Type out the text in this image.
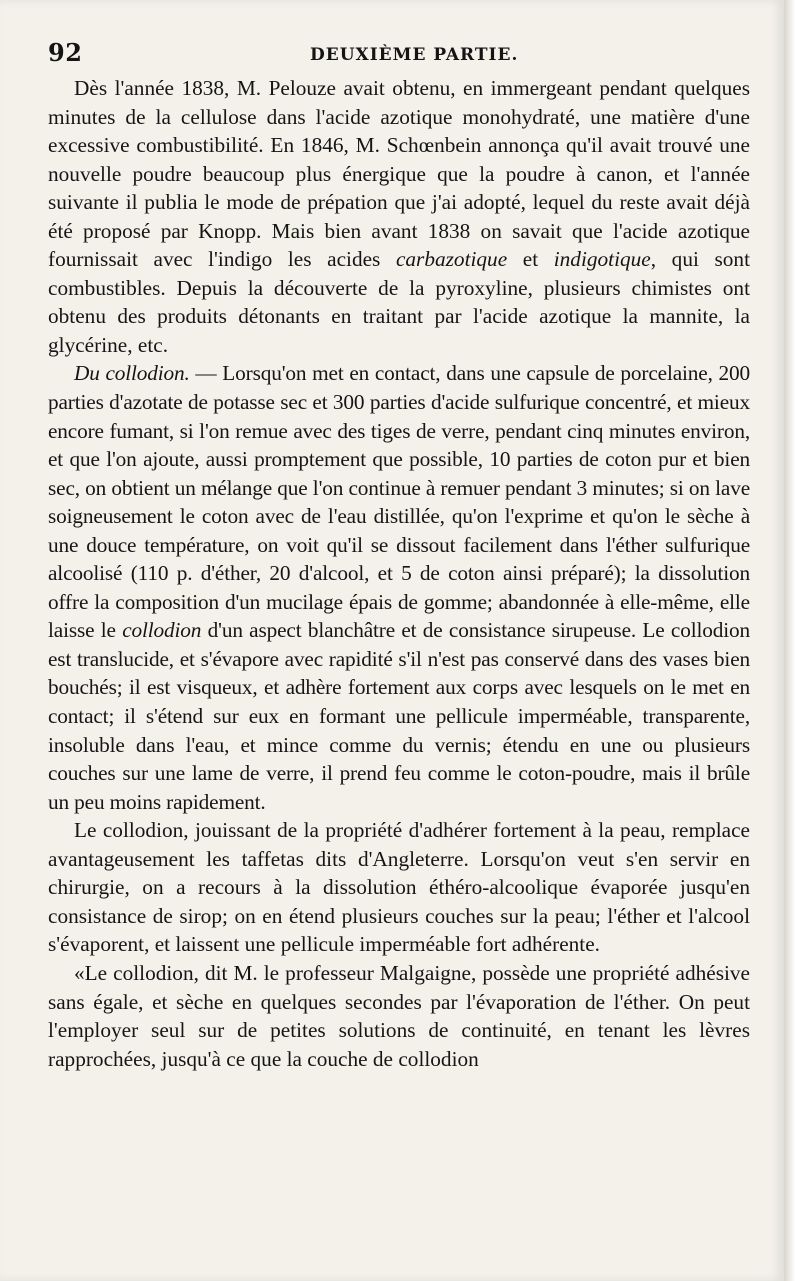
92	DEUXIÈME PARTIE.

Dès l'année 1838, M. Pelouze avait obtenu, en immergeant pendant quelques minutes de la cellulose dans l'acide azotique monohydraté, une matière d'une excessive combustibilité. En 1846, M. Schœnbein annonça qu'il avait trouvé une nouvelle poudre beaucoup plus énergique que la poudre à canon, et l'année suivante il publia le mode de prépation que j'ai adopté, lequel du reste avait déjà été proposé par Knopp. Mais bien avant 1838 on savait que l'acide azotique fournissait avec l'indigo les acides carbazotique et indigotique, qui sont combustibles. Depuis la découverte de la pyroxyline, plusieurs chimistes ont obtenu des produits détonants en traitant par l'acide azotique la mannite, la glycérine, etc.

Du collodion. — Lorsqu'on met en contact, dans une capsule de porcelaine, 200 parties d'azotate de potasse sec et 300 parties d'acide sulfurique concentré, et mieux encore fumant, si l'on remue avec des tiges de verre, pendant cinq minutes environ, et que l'on ajoute, aussi promptement que possible, 10 parties de coton pur et bien sec, on obtient un mélange que l'on continue à remuer pendant 3 minutes; si on lave soigneusement le coton avec de l'eau distillée, qu'on l'exprime et qu'on le sèche à une douce température, on voit qu'il se dissout facilement dans l'éther sulfurique alcoolisé (110 p. d'éther, 20 d'alcool, et 5 de coton ainsi préparé); la dissolution offre la composition d'un mucilage épais de gomme; abandonnée à elle-même, elle laisse le collodion d'un aspect blanchâtre et de consistance sirupeuse. Le collodion est translucide, et s'évapore avec rapidité s'il n'est pas conservé dans des vases bien bouchés; il est visqueux, et adhère fortement aux corps avec lesquels on le met en contact; il s'étend sur eux en formant une pellicule imperméable, transparente, insoluble dans l'eau, et mince comme du vernis; étendu en une ou plusieurs couches sur une lame de verre, il prend feu comme le coton-poudre, mais il brûle un peu moins rapidement.

Le collodion, jouissant de la propriété d'adhérer fortement à la peau, remplace avantageusement les taffetas dits d'Angleterre. Lorsqu'on veut s'en servir en chirurgie, on a recours à la dissolution éthéro-alcoolique évaporée jusqu'en consistance de sirop; on en étend plusieurs couches sur la peau; l'éther et l'alcool s'évaporent, et laissent une pellicule imperméable fort adhérente.

«Le collodion, dit M. le professeur Malgaigne, possède une propriété adhésive sans égale, et sèche en quelques secondes par l'évaporation de l'éther. On peut l'employer seul sur de petites solutions de continuité, en tenant les lèvres rapprochées, jusqu'à ce que la couche de collodion
